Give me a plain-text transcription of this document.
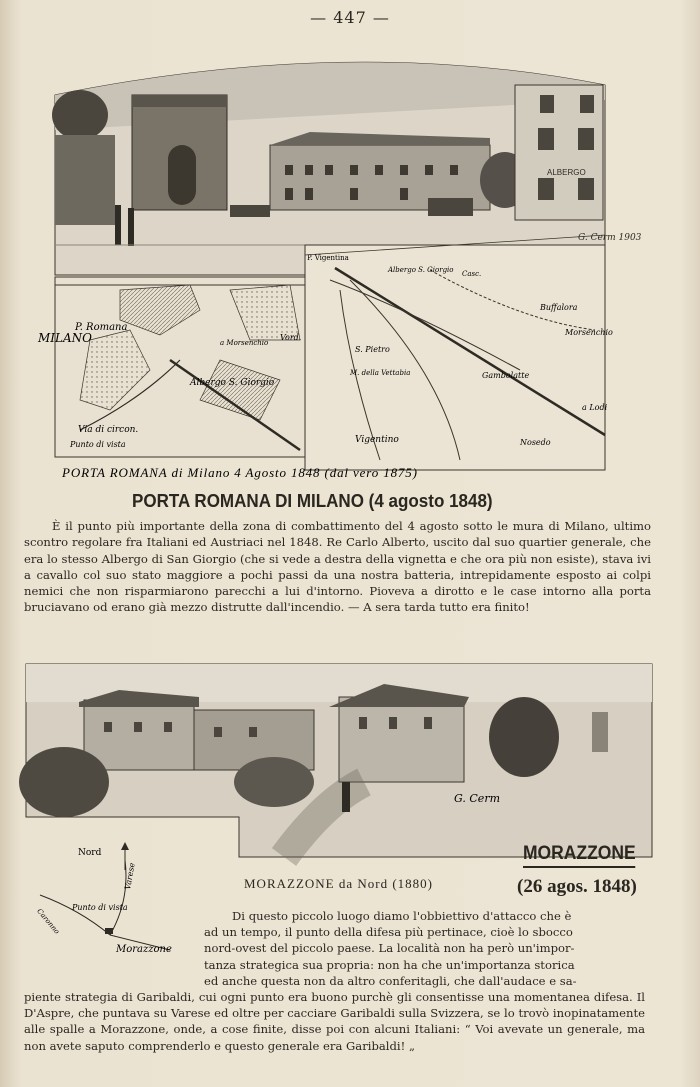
— 447 —
ALBERGO
G. Cerm 1903
P. Romana
MILANO
Via di circon.
Punto di vista
Albergo S. Giorgio
a Morsenchio
Vord.
P. Vigentina
Albergo S. Giorgio Casc.
Buffalora
Morsenchio
S. Pietro
M. della Vettabia	Gambolatte
a Lodi
Nosedo
Vigentino
PORTA ROMANA di Milano 4 Agosto 1848 (dal vero 1875)
PORTA ROMANA DI MILANO (4 agosto 1848)

È il punto più importante della zona di combattimento del 4 agosto sotto le mura di Milano, ultimo scontro regolare fra Italiani ed Austriaci nel 1848. Re Carlo Alberto, uscito dal suo quartier generale, che era lo stesso Albergo di San Giorgio (che si vede a destra della vignetta e che ora più non esiste), stava ivi a cavallo col suo stato maggiore a pochi passi da una nostra batteria, intrepidamente esposto ai colpi nemici che non risparmiarono parecchi a lui d'intorno. Pioveva a dirotto e le case intorno alla porta bruciavano od erano già mezzo distrutte dall'incendio. — A sera tarda tutto era finito!

G. Cerm
MORAZZONE
(26 agos. 1848)
MORAZZONE da Nord (1880)
Nord
Varese
Punto di vista
Caronno
Morazzone
Di questo piccolo luogo diamo l'obbiettivo d'attacco che è
ad un tempo, il punto della difesa più pertinace, cioè lo sbocco
nord-ovest del piccolo paese. La località non ha però un'impor-
tanza strategica sua propria: non ha che un'importanza storica
ed anche questa non da altro conferitagli, che dall'audace e sa-
piente strategia di Garibaldi, cui ogni punto era buono purchè gli consentisse una momentanea difesa. Il D'Aspre, che puntava su Varese ed oltre per cacciare Garibaldi sulla Svizzera, se lo trovò inopinatamente alle spalle a Morazzone, onde, a cose finite, disse poi con alcuni Italiani: “ Voi avevate un generale, ma non avete saputo comprenderlo e questo generale era Garibaldi! „
